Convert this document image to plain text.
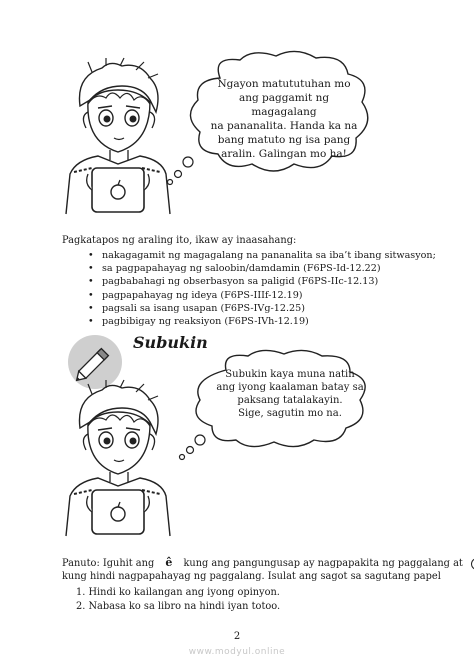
Ngayon matututuhan mo
ang paggamit ng magagalang
na pananalita. Handa ka na
bang matuto ng isa pang
aralin. Galingan mo ha!
Pagkatapos ng araling ito, ikaw ay inaasahang:
• nakagagamit ng magagalang na pananalita sa iba’t ibang sitwasyon;
• sa pagpapahayag ng saloobin/damdamin (F6PS-Id-12.22)
• pagbabahagi ng obserbasyon sa paligid (F6PS-IIc-12.13)
• pagpapahayag ng ideya (F6PS-IIIf-12.19)
• pagsali sa isang usapan (F6PS-IVg-12.25)
• pagbibigay ng reaksiyon (F6PS-IVh-12.19)
Subukin
Subukin kaya muna natin
ang iyong kaalaman batay sa
paksang tatalakayin.
Sige, sagutin mo na.
Panuto: Iguhit ang ê kung ang pangungusap ay nagpapakita ng paggalang at
kung hindi nagpapahayag ng paggalang. Isulat ang sagot sa sagutang papel
1. Hindi ko kailangan ang iyong opinyon.
2. Nabasa ko sa libro na hindi iyan totoo.
2
www.modyul.online
